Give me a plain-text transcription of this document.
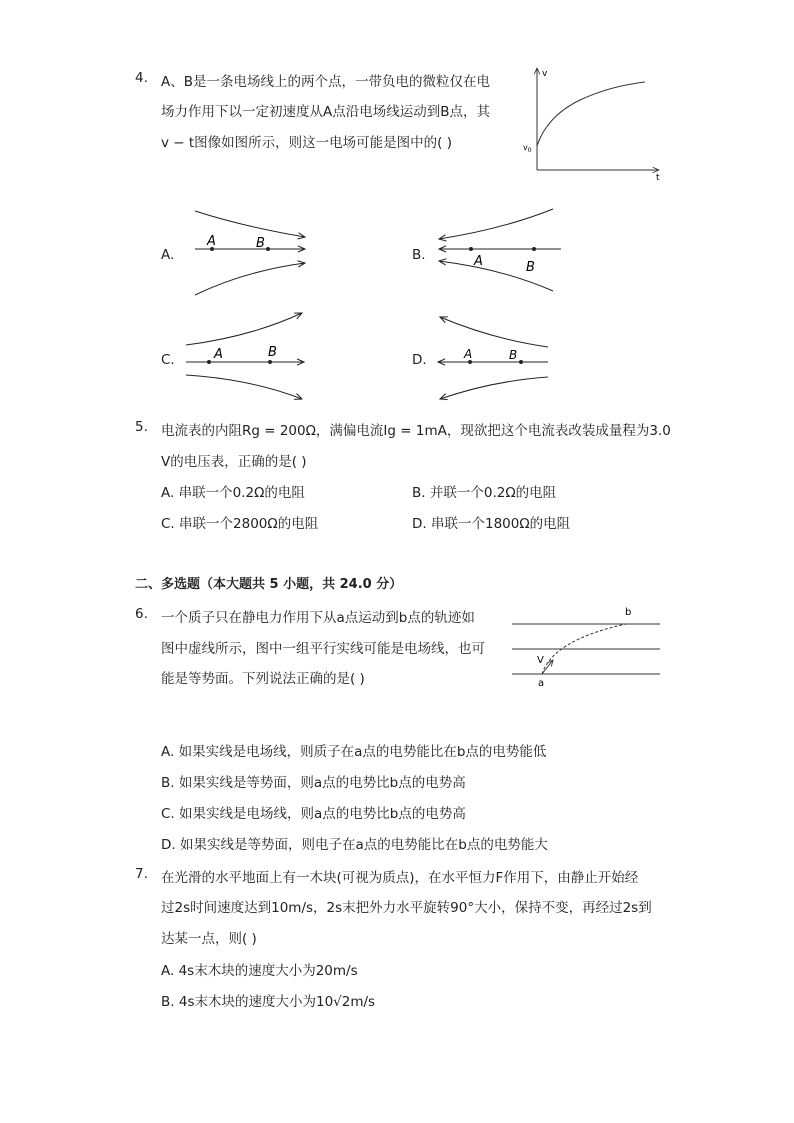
4. A、B是一条电场线上的两个点，一带负电的微粒仅在电
场力作用下以一定初速度从A点沿电场线运动到B点，其
v − t图像如图所示，则这一电场可能是图中的( )
v
$v_0$
t
A.
A	B
B.	A	B
C.	A	B	D.	A	B
5. 电流表的内阻Rg = 200Ω，满偏电流Ig = 1mA，现欲把这个电流表改装成量程为3.0
V的电压表，正确的是( )
A. 串联一个0.2Ω的电阻	B. 并联一个0.2Ω的电阻
C. 串联一个2800Ω的电阻	D. 串联一个1800Ω的电阻
二、多选题（本大题共 5 小题，共 24.0 分）
6. 一个质子只在静电力作用下从a点运动到b点的轨迹如
图中虚线所示，图中一组平行实线可能是电场线，也可
能是等势面。下列说法正确的是( )
b
V
a
A. 如果实线是电场线，则质子在a点的电势能比在b点的电势能低
B. 如果实线是等势面，则a点的电势比b点的电势高
C. 如果实线是电场线，则a点的电势比b点的电势高
D. 如果实线是等势面，则电子在a点的电势能比在b点的电势能大
7. 在光滑的水平地面上有一木块(可视为质点)，在水平恒力F作用下，由静止开始经
过2s时间速度达到10m/s，2s末把外力水平旋转90°大小，保持不变，再经过2s到
达某一点，则( )
A. 4s末木块的速度大小为20m/s
B. 4s末木块的速度大小为10√2m/s
